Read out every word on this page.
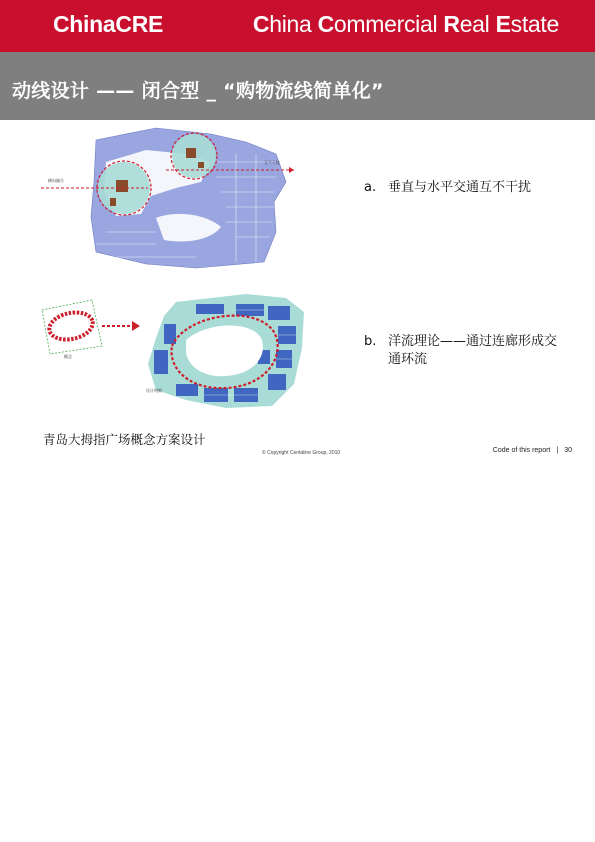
ChinaCRE	China Commercial Real Estate
动线设计 —— 闭合型 _ “购物流线简单化”
横向融合
互不干扰
概念
设计明细
a. 垂直与水平交通互不干扰
b. 洋流理论——通过连廊形成交通环流
青岛大拇指广场概念方案设计
© Copyright Centaline Group, 2010	Code of this report | 30
